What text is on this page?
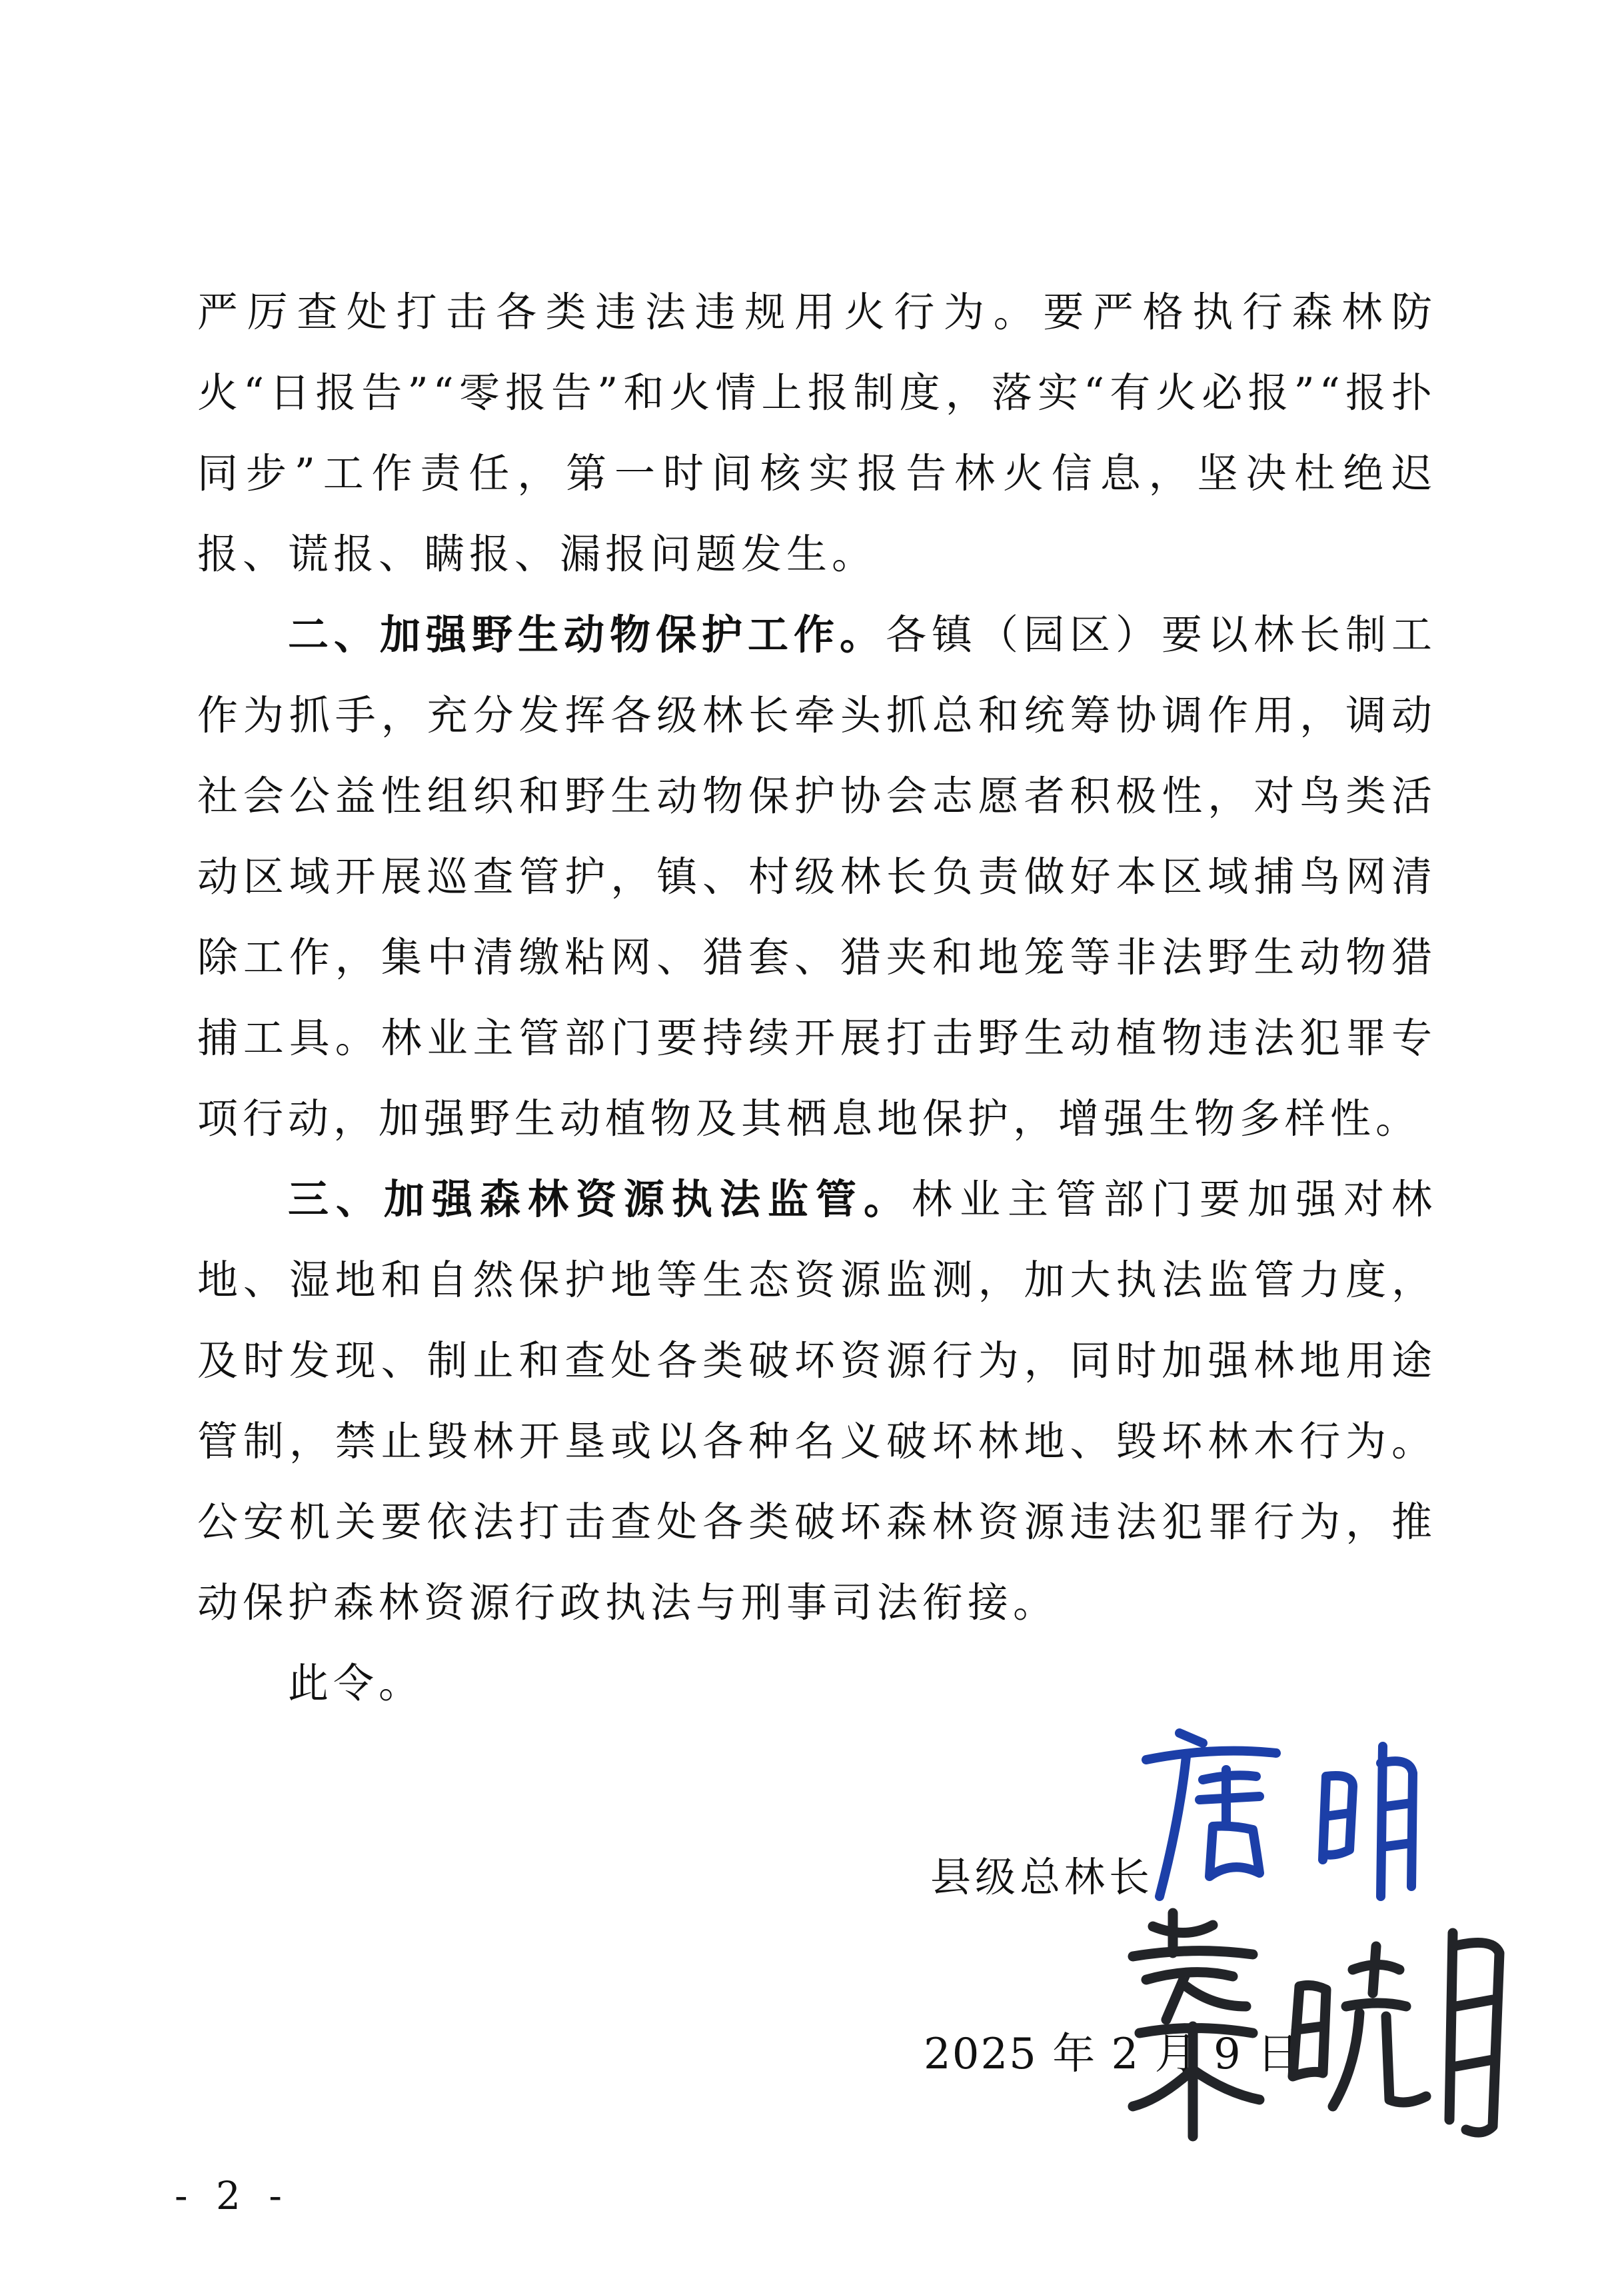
严厉查处打击各类违法违规用火行为。要严格执行森林防火“日报告”“零报告”和火情上报制度，落实“有火必报”“报扑同步”工作责任，第一时间核实报告林火信息，坚决杜绝迟报、谎报、瞒报、漏报问题发生。

二、加强野生动物保护工作。各镇（园区）要以林长制工作为抓手，充分发挥各级林长牵头抓总和统筹协调作用，调动社会公益性组织和野生动物保护协会志愿者积极性，对鸟类活动区域开展巡查管护，镇、村级林长负责做好本区域捕鸟网清除工作，集中清缴粘网、猎套、猎夹和地笼等非法野生动物猎捕工具。林业主管部门要持续开展打击野生动植物违法犯罪专项行动，加强野生动植物及其栖息地保护，增强生物多样性。

三、加强森林资源执法监管。林业主管部门要加强对林地、湿地和自然保护地等生态资源监测，加大执法监管力度，及时发现、制止和查处各类破坏资源行为，同时加强林地用途管制，禁止毁林开垦或以各种名义破坏林地、毁坏林木行为。公安机关要依法打击查处各类破坏森林资源违法犯罪行为，推动保护森林资源行政执法与刑事司法衔接。

此令。

县级总林长
2025 年 2 月 9 日
- 2 -
